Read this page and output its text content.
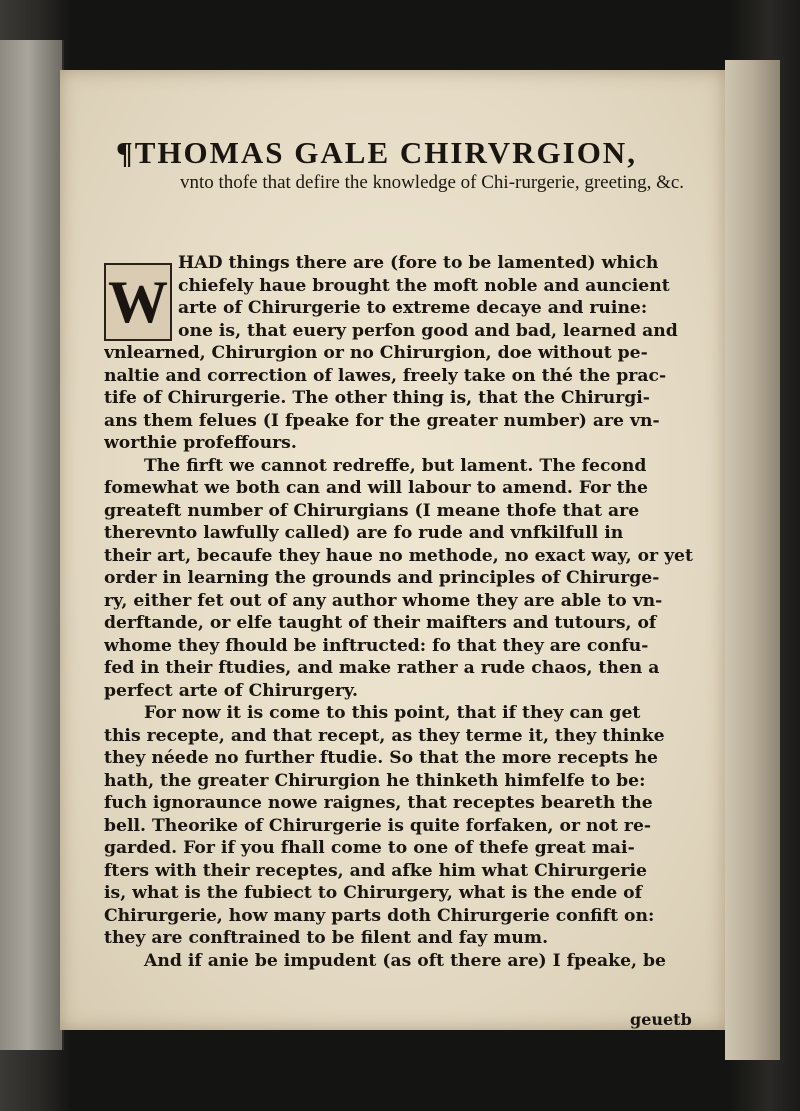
¶THOMAS GALE CHIRVRGION,
vnto thofe that defire the knowledge of Chi-rurgerie, greeting, &c.
W
HAD things there are (fore to be lamented) which
chiefely haue brought the moft noble and auncient
arte of Chirurgerie to extreme decaye and ruine:
one is, that euery perfon good and bad, learned and
vnlearned, Chirurgion or no Chirurgion, doe without pe-
naltie and correction of lawes, freely take on thé the prac-
tife of Chirurgerie. The other thing is, that the Chirurgi-
ans them felues (I fpeake for the greater number) are vn-
worthie profeffours.
The firft we cannot redreffe, but lament. The fecond
fomewhat we both can and will labour to amend. For the
greateft number of Chirurgians (I meane thofe that are
therevnto lawfully called) are fo rude and vnfkilfull in
their art, becaufe they haue no methode, no exact way, or yet
order in learning the grounds and principles of Chirurge-
ry, either fet out of any author whome they are able to vn-
derftande, or elfe taught of their maifters and tutours, of
whome they fhould be inftructed: fo that they are confu-
fed in their ftudies, and make rather a rude chaos, then a
perfect arte of Chirurgery.
For now it is come to this point, that if they can get
this recepte, and that recept, as they terme it, they thinke
they néede no further ftudie. So that the more recepts he
hath, the greater Chirurgion he thinketh himfelfe to be:
fuch ignoraunce nowe raignes, that receptes beareth the
bell. Theorike of Chirurgerie is quite forfaken, or not re-
garded. For if you fhall come to one of thefe great mai-
fters with their receptes, and afke him what Chirurgerie
is, what is the fubiect to Chirurgery, what is the ende of
Chirurgerie, how many parts doth Chirurgerie confift on:
they are conftrained to be filent and fay mum.
And if anie be impudent (as oft there are) I fpeake, be
geuetb
